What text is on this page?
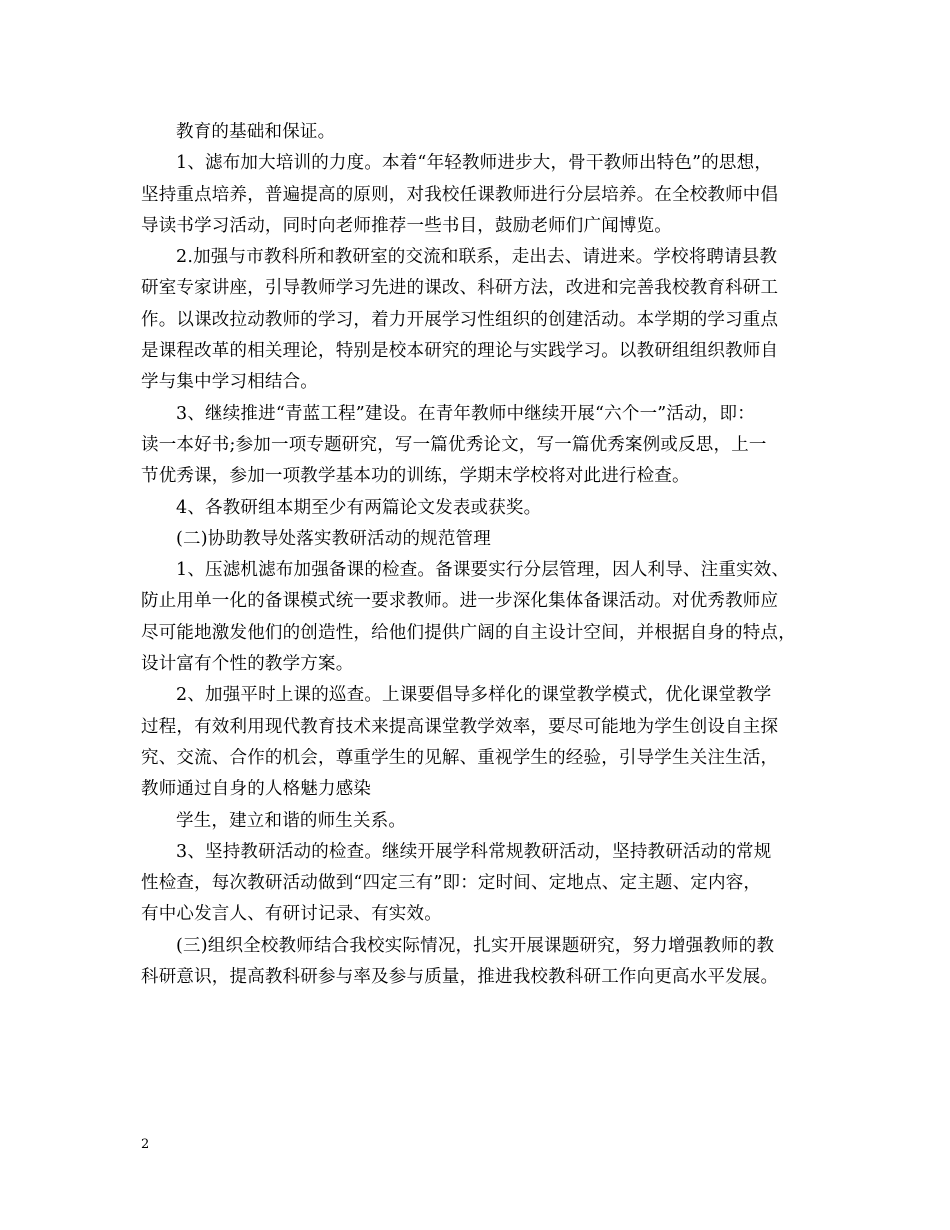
教育的基础和保证。
1、滤布加大培训的力度。本着“年轻教师进步大，骨干教师出特色”的思想，
坚持重点培养，普遍提高的原则，对我校任课教师进行分层培养。在全校教师中倡
导读书学习活动，同时向老师推荐一些书目，鼓励老师们广闻博览。
2.加强与市教科所和教研室的交流和联系，走出去、请进来。学校将聘请县教
研室专家讲座，引导教师学习先进的课改、科研方法，改进和完善我校教育科研工
作。以课改拉动教师的学习，着力开展学习性组织的创建活动。本学期的学习重点
是课程改革的相关理论，特别是校本研究的理论与实践学习。以教研组组织教师自
学与集中学习相结合。
3、继续推进“青蓝工程”建设。在青年教师中继续开展“六个一”活动，即：
读一本好书;参加一项专题研究，写一篇优秀论文，写一篇优秀案例或反思，上一
节优秀课，参加一项教学基本功的训练，学期末学校将对此进行检查。
4、各教研组本期至少有两篇论文发表或获奖。
(二)协助教导处落实教研活动的规范管理
1、压滤机滤布加强备课的检查。备课要实行分层管理，因人利导、注重实效、
防止用单一化的备课模式统一要求教师。进一步深化集体备课活动。对优秀教师应
尽可能地激发他们的创造性，给他们提供广阔的自主设计空间，并根据自身的特点，
设计富有个性的教学方案。
2、加强平时上课的巡查。上课要倡导多样化的课堂教学模式，优化课堂教学
过程，有效利用现代教育技术来提高课堂教学效率，要尽可能地为学生创设自主探
究、交流、合作的机会，尊重学生的见解、重视学生的经验，引导学生关注生活，
教师通过自身的人格魅力感染
学生，建立和谐的师生关系。
3、坚持教研活动的检查。继续开展学科常规教研活动，坚持教研活动的常规
性检查，每次教研活动做到“四定三有”即：定时间、定地点、定主题、定内容，
有中心发言人、有研讨记录、有实效。
(三)组织全校教师结合我校实际情况，扎实开展课题研究，努力增强教师的教
科研意识，提高教科研参与率及参与质量，推进我校教科研工作向更高水平发展。
2
